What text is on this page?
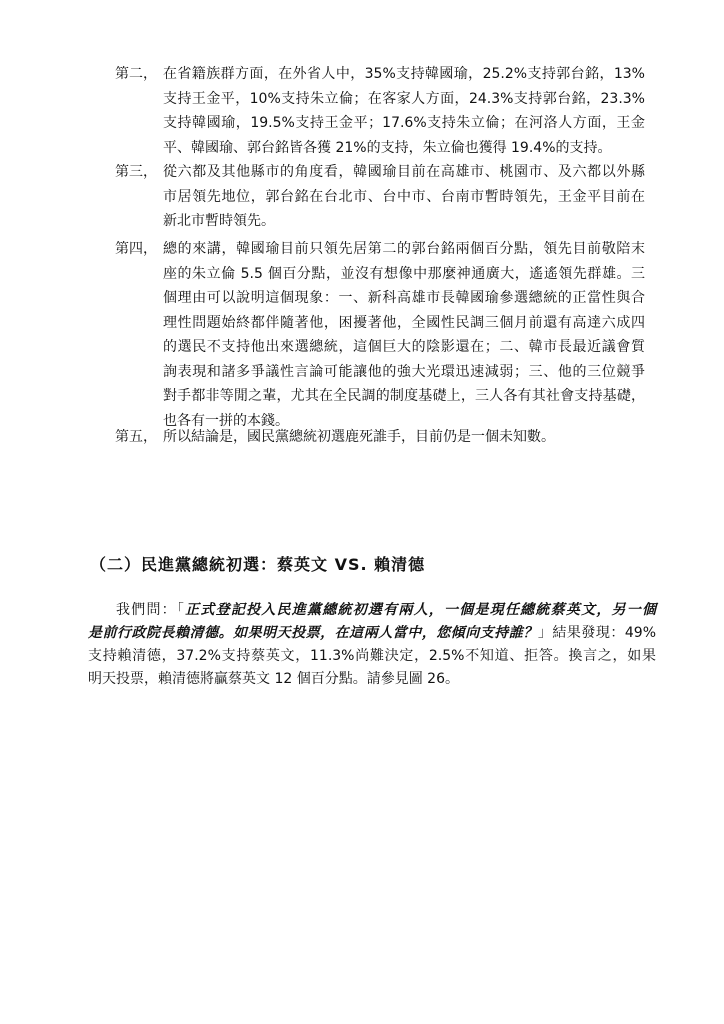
第二， 在省籍族群方面，在外省人中，35%支持韓國瑜，25.2%支持郭台銘，13%
支持王金平，10%支持朱立倫；在客家人方面，24.3%支持郭台銘，23.3%
支持韓國瑜，19.5%支持王金平；17.6%支持朱立倫；在河洛人方面，王金
平、韓國瑜、郭台銘皆各獲 21%的支持，朱立倫也獲得 19.4%的支持。
第三， 從六都及其他縣市的角度看，韓國瑜目前在高雄市、桃園市、及六都以外縣
市居領先地位，郭台銘在台北市、台中市、台南市暫時領先，王金平目前在
新北市暫時領先。
第四， 總的來講，韓國瑜目前只領先居第二的郭台銘兩個百分點，領先目前敬陪末
座的朱立倫 5.5 個百分點，並沒有想像中那麼神通廣大，遙遙領先群雄。三
個理由可以說明這個現象：一、新科高雄市長韓國瑜參選總統的正當性與合
理性問題始終都伴隨著他，困擾著他，全國性民調三個月前還有高達六成四
的選民不支持他出來選總統，這個巨大的陰影還在；二、韓市長最近議會質
詢表現和諸多爭議性言論可能讓他的強大光環迅速減弱；三、他的三位競爭
對手都非等閒之輩，尤其在全民調的制度基礎上，三人各有其社會支持基礎，
也各有一拼的本錢。
第五， 所以結論是，國民黨總統初選鹿死誰手，目前仍是一個未知數。
（二）民進黨總統初選：蔡英文 VS. 賴清德
我們問：「正式登記投入民進黨總統初選有兩人，一個是現任總統蔡英文，另一個
是前行政院長賴清德。如果明天投票，在這兩人當中，您傾向支持誰？」結果發現：49%
支持賴清德，37.2%支持蔡英文，11.3%尚難決定，2.5%不知道、拒答。換言之，如果
明天投票，賴清德將贏蔡英文 12 個百分點。請參見圖 26。
